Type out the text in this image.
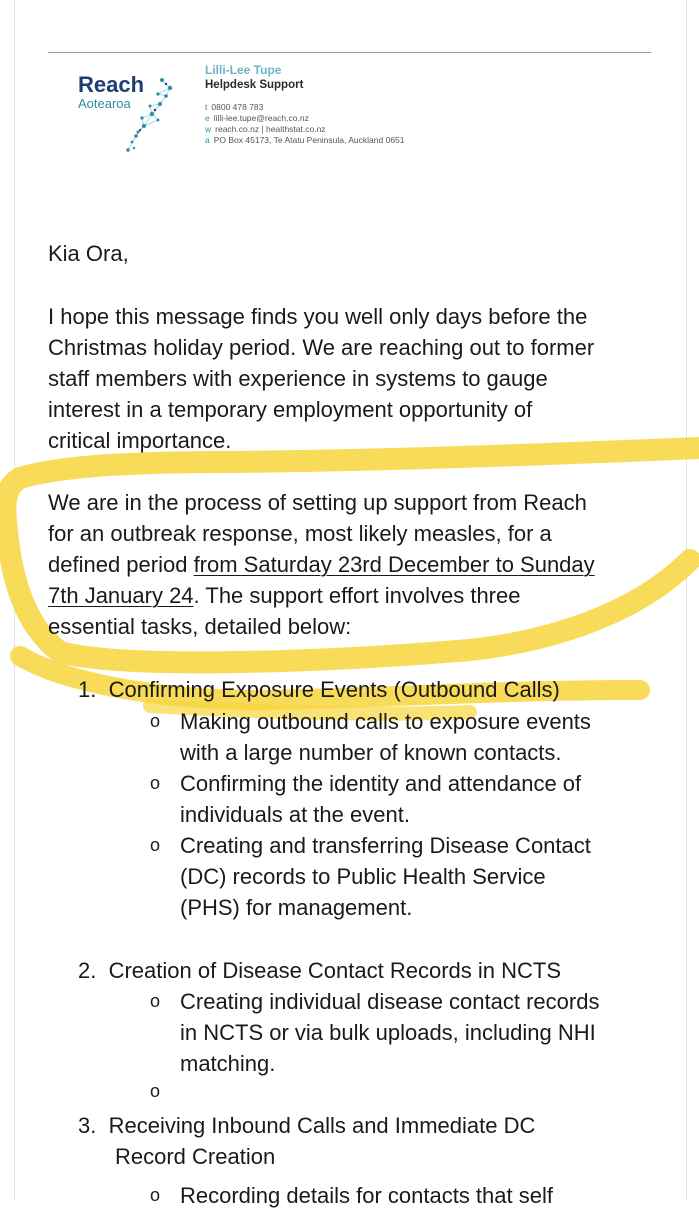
Reach
Aotearoa
Lilli-Lee Tupe
Helpdesk Support
t 0800 478 783
e lilli-lee.tupe@reach.co.nz
w reach.co.nz | healthstat.co.nz
a PO Box 45173, Te Atatu Peninsula, Auckland 0651
Kia Ora,
I hope this message finds you well only days before the
Christmas holiday period. We are reaching out to former
staff members with experience in systems to gauge
interest in a temporary employment opportunity of
critical importance.
We are in the process of setting up support from Reach
for an outbreak response, most likely measles, for a
defined period from Saturday 23rd December to Sunday
7th January 24. The support effort involves three
essential tasks, detailed below:
1. Confirming Exposure Events (Outbound Calls)
o Making outbound calls to exposure events
with a large number of known contacts.
o Confirming the identity and attendance of
individuals at the event.
o Creating and transferring Disease Contact
(DC) records to Public Health Service
(PHS) for management.
2. Creation of Disease Contact Records in NCTS
o Creating individual disease contact records
in NCTS or via bulk uploads, including NHI
matching.
o
3. Receiving Inbound Calls and Immediate DC
Record Creation
o Recording details for contacts that self
